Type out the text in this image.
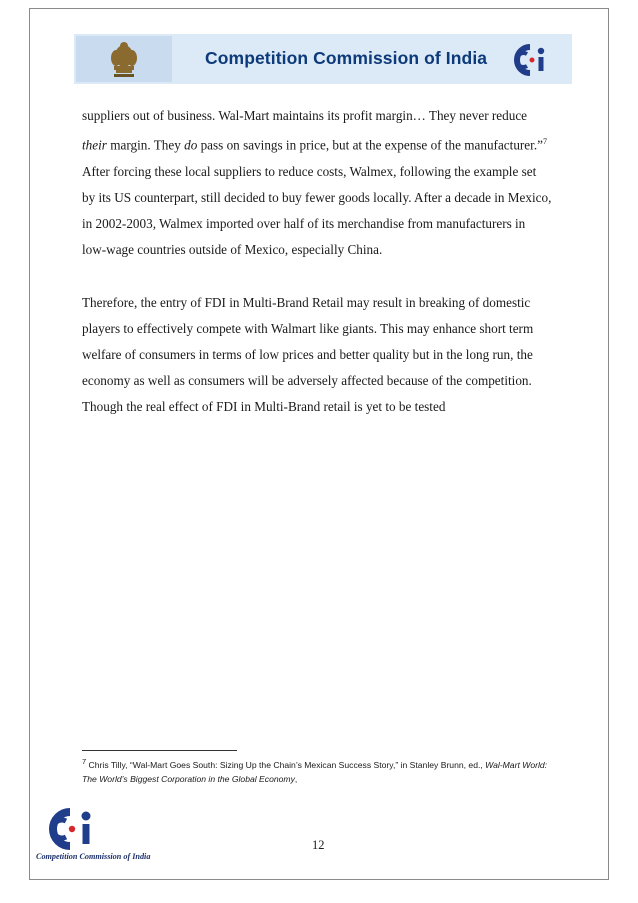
Competition Commission of India

suppliers out of business. Wal-Mart maintains its profit margin… They never reduce their margin. They do pass on savings in price, but at the expense of the manufacturer.”$^7$ After forcing these local suppliers to reduce costs, Walmex, following the example set by its US counterpart, still decided to buy fewer goods locally. After a decade in Mexico, in 2002-2003, Walmex imported over half of its merchandise from manufacturers in low-wage countries outside of Mexico, especially China.

Therefore, the entry of FDI in Multi-Brand Retail may result in breaking of domestic players to effectively compete with Walmart like giants. This may enhance short term welfare of consumers in terms of low prices and better quality but in the long run, the economy as well as consumers will be adversely affected because of the competition. Though the real effect of FDI in Multi-Brand retail is yet to be tested

$^7$ Chris Tilly, “Wal-Mart Goes South: Sizing Up the Chain’s Mexican Success Story,” in Stanley Brunn, ed., Wal-Mart World: The World’s Biggest Corporation in the Global Economy,
Competition Commission of India
12
